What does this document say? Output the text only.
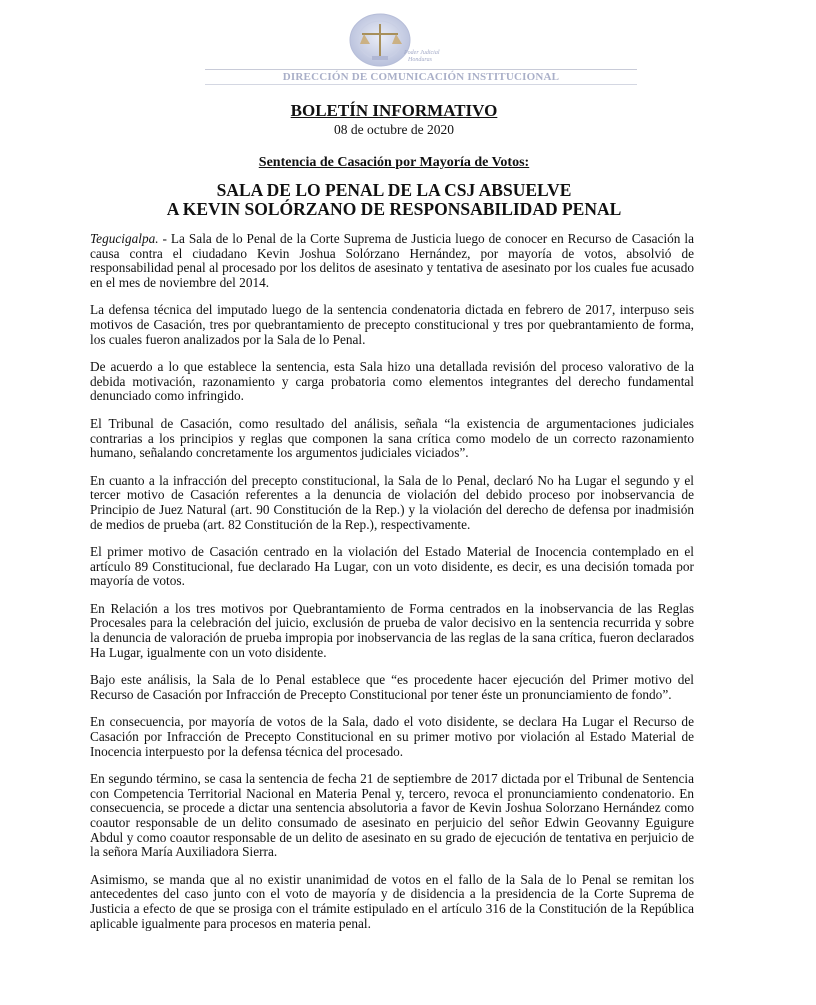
Poder Judicial
Honduras
DIRECCIÓN DE COMUNICACIÓN INSTITUCIONAL
BOLETÍN INFORMATIVO
08 de octubre de 2020
Sentencia de Casación por Mayoría de Votos:
SALA DE LO PENAL DE LA CSJ ABSUELVE
A KEVIN SOLÓRZANO DE RESPONSABILIDAD PENAL

Tegucigalpa. - La Sala de lo Penal de la Corte Suprema de Justicia luego de conocer en Recurso de Casación la causa contra el ciudadano Kevin Joshua Solórzano Hernández, por mayoría de votos, absolvió de responsabilidad penal al procesado por los delitos de asesinato y tentativa de asesinato por los cuales fue acusado en el mes de noviembre del 2014.

La defensa técnica del imputado luego de la sentencia condenatoria dictada en febrero de 2017, interpuso seis motivos de Casación, tres por quebrantamiento de precepto constitucional y tres por quebrantamiento de forma, los cuales fueron analizados por la Sala de lo Penal.

De acuerdo a lo que establece la sentencia, esta Sala hizo una detallada revisión del proceso valorativo de la debida motivación, razonamiento y carga probatoria como elementos integrantes del derecho fundamental denunciado como infringido.

El Tribunal de Casación, como resultado del análisis, señala “la existencia de argumentaciones judiciales contrarias a los principios y reglas que componen la sana crítica como modelo de un correcto razonamiento humano, señalando concretamente los argumentos judiciales viciados”.

En cuanto a la infracción del precepto constitucional, la Sala de lo Penal, declaró No ha Lugar el segundo y el tercer motivo de Casación referentes a la denuncia de violación del debido proceso por inobservancia de Principio de Juez Natural (art. 90 Constitución de la Rep.) y la violación del derecho de defensa por inadmisión de medios de prueba (art. 82 Constitución de la Rep.), respectivamente.

El primer motivo de Casación centrado en la violación del Estado Material de Inocencia contemplado en el artículo 89 Constitucional, fue declarado Ha Lugar, con un voto disidente, es decir, es una decisión tomada por mayoría de votos.

En Relación a los tres motivos por Quebrantamiento de Forma centrados en la inobservancia de las Reglas Procesales para la celebración del juicio, exclusión de prueba de valor decisivo en la sentencia recurrida y sobre la denuncia de valoración de prueba impropia por inobservancia de las reglas de la sana crítica, fueron declarados Ha Lugar, igualmente con un voto disidente.

Bajo este análisis, la Sala de lo Penal establece que “es procedente hacer ejecución del Primer motivo del Recurso de Casación por Infracción de Precepto Constitucional por tener éste un pronunciamiento de fondo”.

En consecuencia, por mayoría de votos de la Sala, dado el voto disidente, se declara Ha Lugar el Recurso de Casación por Infracción de Precepto Constitucional en su primer motivo por violación al Estado Material de Inocencia interpuesto por la defensa técnica del procesado.

En segundo término, se casa la sentencia de fecha 21 de septiembre de 2017 dictada por el Tribunal de Sentencia con Competencia Territorial Nacional en Materia Penal y, tercero, revoca el pronunciamiento condenatorio. En consecuencia, se procede a dictar una sentencia absolutoria a favor de Kevin Joshua Solorzano Hernández como coautor responsable de un delito consumado de asesinato en perjuicio del señor Edwin Geovanny Eguigure Abdul y como coautor responsable de un delito de asesinato en su grado de ejecución de tentativa en perjuicio de la señora María Auxiliadora Sierra.

Asimismo, se manda que al no existir unanimidad de votos en el fallo de la Sala de lo Penal se remitan los antecedentes del caso junto con el voto de mayoría y de disidencia a la presidencia de la Corte Suprema de Justicia a efecto de que se prosiga con el trámite estipulado en el artículo 316 de la Constitución de la República aplicable igualmente para procesos en materia penal.
